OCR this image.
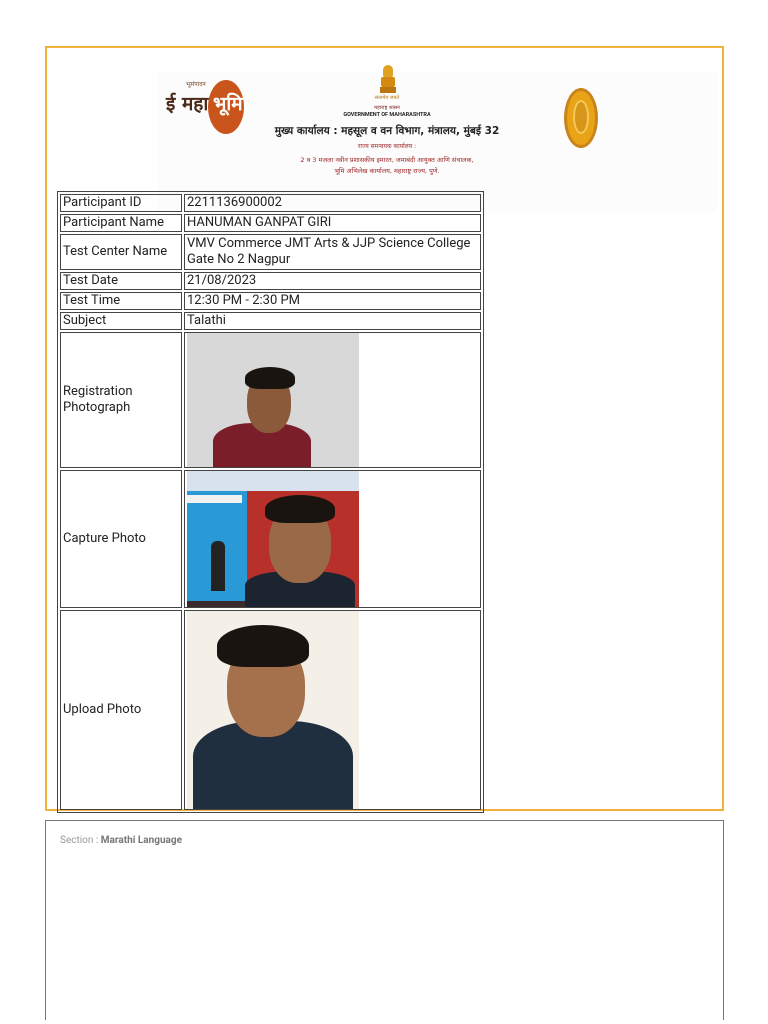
भूसंपादन
ई महा भूमि	सत्यमेव जयते
महाराष्ट्र शासन
GOVERNMENT OF MAHARASHTRA
मुख्य कार्यालय : महसूल व वन विभाग, मंत्रालय, मुंबई 32
राज्य समन्वयक कार्यालय :
2 व 3 मजला नवीन प्रशासकीय इमारत, जमाबंदी आयुक्त आणि संचालक,
भूमि अभिलेख कार्यालय, महाराष्ट्र राज्य, पुणे.
Participant ID	2211136900002
Participant Name	HANUMAN GANPAT GIRI
Test Center Name	VMV Commerce JMT Arts & JJP Science College
Gate No 2 Nagpur

Test Date	21/08/2023
Test Time	12:30 PM - 2:30 PM
Subject	Talathi

Registration
Photograph	

Capture Photo	

Upload Photo	
Section : Marathi Language
